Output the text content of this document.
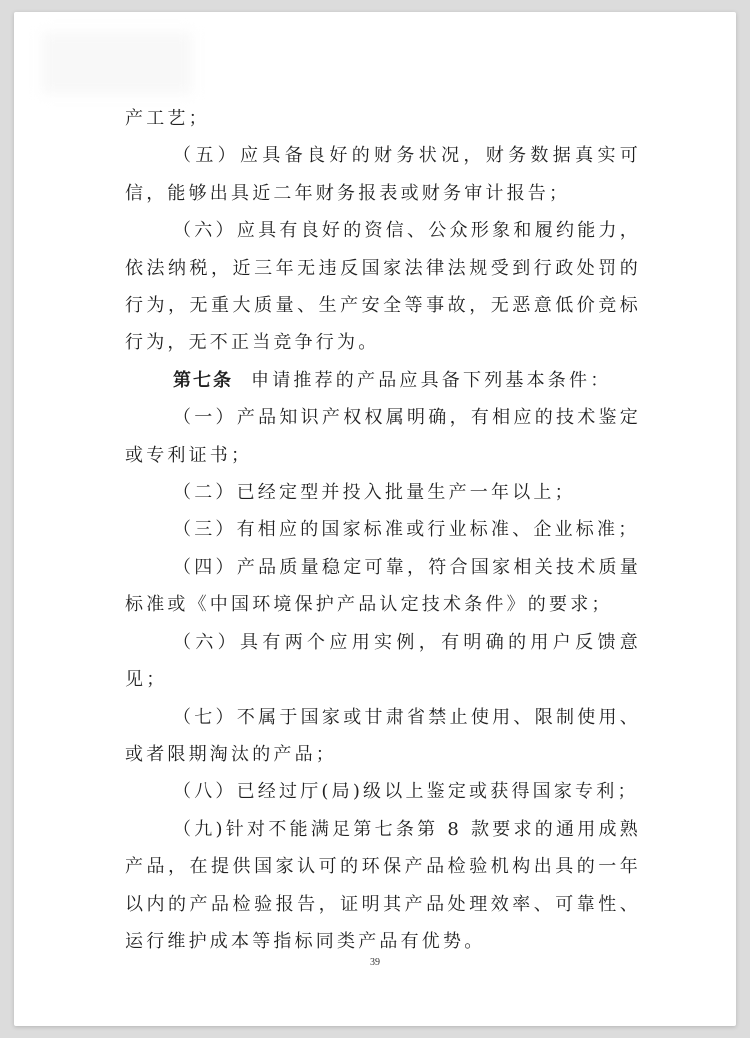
产工艺；

（五）应具备良好的财务状况，财务数据真实可信，能够出具近二年财务报表或财务审计报告；

（六）应具有良好的资信、公众形象和履约能力，依法纳税，近三年无违反国家法律法规受到行政处罚的行为，无重大质量、生产安全等事故，无恶意低价竞标行为，无不正当竞争行为。

第七条 申请推荐的产品应具备下列基本条件：

（一）产品知识产权权属明确，有相应的技术鉴定或专利证书；

（二）已经定型并投入批量生产一年以上；

（三）有相应的国家标准或行业标准、企业标准；

（四）产品质量稳定可靠，符合国家相关技术质量标准或《中国环境保护产品认定技术条件》的要求；

（六）具有两个应用实例，有明确的用户反馈意见；

（七）不属于国家或甘肃省禁止使用、限制使用、或者限期淘汰的产品；

（八）已经过厅(局)级以上鉴定或获得国家专利；

（九)针对不能满足第七条第 8 款要求的通用成熟产品，在提供国家认可的环保产品检验机构出具的一年以内的产品检验报告，证明其产品处理效率、可靠性、运行维护成本等指标同类产品有优势。

39
